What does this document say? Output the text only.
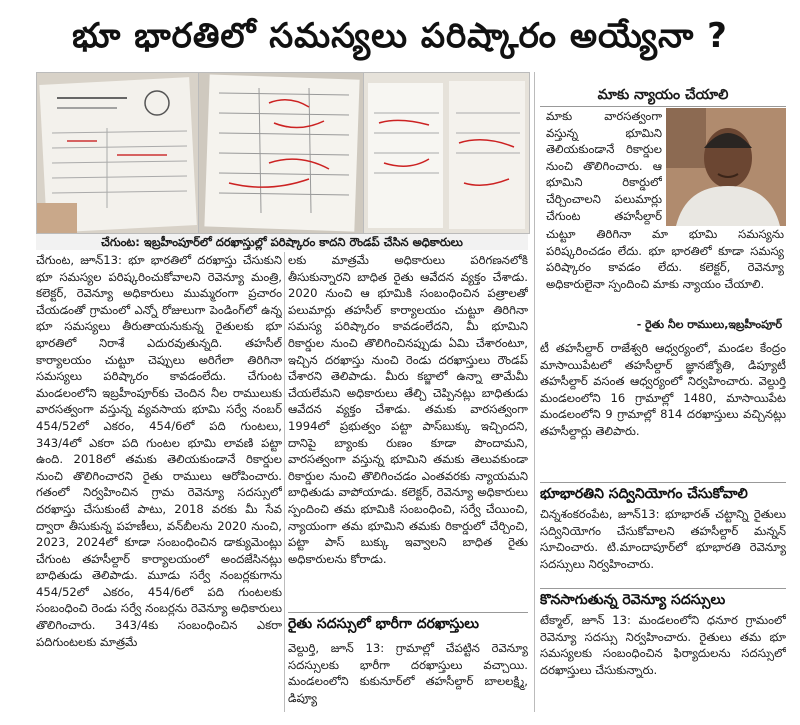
భూ భారతిలో సమస్యలు పరిష్కారం అయ్యేనా ?
చేగుంట: ఇబ్రహీంపూర్‌లో దరఖాస్తుల్లో పరిష్కారం కాదని రౌండప్ చేసిన అధికారులు
చేగుంట, జూన్13: భూ భారతిలో దరఖాస్తు చేసుకుని భూ సమస్యల పరిష్కరించుకోవాలని రెవెన్యూ మంత్రి, కలెక్టర్, రెవెన్యూ అధికారులు ముమ్మరంగా ప్రచారం చేయడంతో గ్రామంలో ఎన్నో రోజులుగా పెండింగ్‌లో ఉన్న భూ సమస్యలు తీరుతాయనుకున్న రైతులకు భూ భారతిలో నిరాశే ఎదురవుతున్నది. తహసీల్ కార్యాలయం చుట్టూ చెప్పులు అరిగేలా తిరిగినా సమస్యలు పరిష్కారం కావడంలేదు. చేగుంట మండలంలోని ఇబ్రహీంపూర్‌కు చెందిన నీల రాములుకు వారసత్వంగా వస్తున్న వ్యవసాయ భూమి సర్వే నంబర్ 454/52లో ఎకరం, 454/6లో పది గుంటలు, 343/4లో ఎకరా పది గుంటల భూమి లావణి పట్టా ఉంది. 2018లో తమకు తెలియకుండానే రికార్డుల నుంచి తొలిగించారని రైతు రాములు ఆరోపించారు. గతంలో నిర్వహించిన గ్రామ రెవెన్యూ సదస్సులో దరఖాస్తు చేసుకుంటే పాటు, 2018 వరకు మీ సేవ ద్వారా తీసుకున్న పహణీలు, వన్‌బీలను 2020 నుంచి, 2023, 2024లో కూడా సంబంధించిన డాక్యుమెంట్లు చేగుంట తహసీల్దార్ కార్యాలయంలో అందజేసినట్లు బాధితుడు తెలిపాడు. మూడు సర్వే నంబర్లకుగాను 454/52లో ఎకరం, 454/6లో పది గుంటలకు సంబంధించి రెండు సర్వే నంబర్లను రెవెన్యూ అధికారులు తొలిగించారు. 343/4కు సంబంధించిన ఎకరా పదిగుంటలకు మాత్రమే
లకు మాత్రమే అధికారులు పరిగణనలోకి తీసుకున్నారని బాధిత రైతు ఆవేదన వ్యక్తం చేశాడు. 2020 నుంచి ఆ భూమికి సంబంధించిన పత్రాలతో పలుమార్లు తహసీల్ కార్యాలయం చుట్టూ తిరిగినా సమస్య పరిష్కారం కావడంలేదని, మీ భూమిని రికార్డుల నుంచి తొలిగించినప్పుడు ఏమి చేశారంటూ, ఇచ్చిన దరఖాస్తు నుంచి రెండు దరఖాస్తులు రౌండప్ చేశారని తెలిపాడు. మీరు కబ్జాలో ఉన్నా తామేమీ చేయలేమని అధికారులు తేల్చి చెప్పినట్లు బాధితుడు ఆవేదన వ్యక్తం చేశాడు. తమకు వారసత్వంగా 1994లో ప్రభుత్వం పట్టా పాస్‌బుక్కు ఇచ్చిందని, దానిపై బ్యాంకు రుణం కూడా పొందామని, వారసత్వంగా వస్తున్న భూమిని తమకు తెలువకుండా రికార్డుల నుంచి తొలిగించడం ఎంతవరకు న్యాయమని బాధితుడు వాపోయాడు. కలెక్టర్, రెవెన్యూ అధికారులు స్పందించి తమ భూమికి సంబంధించి, సర్వే చేయించి, న్యాయంగా తమ భూమిని తమకు రికార్డులో చేర్చించి, పట్టా పాస్ బుక్కు ఇవ్వాలని బాధిత రైతు అధికారులను కోరాడు.
రైతు సదస్సులో భారీగా దరఖాస్తులు
వెల్దుర్తి, జూన్ 13: గ్రామాల్లో చేపట్టిన రెవెన్యూ సదస్సులకు భారీగా దరఖాస్తులు వచ్చాయి. మండలంలోని కుకునూర్‌లో తహసీల్దార్ బాలలక్ష్మి, డిప్యూ
మాకు న్యాయం చేయాలి
మాకు వారసత్వంగా వస్తున్న భూమిని తెలియకుండానే రికార్డుల నుంచి తొలిగించారు. ఆ భూమిని రికార్డులో చేర్చించాలని పలుమార్లు చేగుంట తహసీల్దార్
చుట్టూ తిరిగినా మా భూమి సమస్యను పరిష్కరించడం లేదు. భూ భారతిలో కూడా సమస్య పరిష్కారం కావడం లేదు. కలెక్టర్, రెవెన్యూ అధికారులైనా స్పందించి మాకు న్యాయం చేయాలి.
- రైతు నీల రాములు,ఇబ్రహీంపూర్
టీ తహసీల్దార్ రాజేశ్వరి ఆధ్వర్యంలో, మండల కేంద్రం మాసాయిపేటలో తహసీల్దార్ జ్ఞానజ్యోతి, డిప్యూటీ తహసీల్దార్ వసంత ఆధ్వర్యంలో నిర్వహించారు. వెల్దుర్తి మండలంలోని 16 గ్రామాల్లో 1480, మాసాయిపేట మండలంలోని 9 గ్రామాల్లో 814 దరఖాస్తులు వచ్చినట్లు తహసీల్దార్లు తెలిపారు.
భూభారతిని సద్వినియోగం చేసుకోవాలి
చిన్నశంకరంపేట, జూన్13: భూభారత్ చట్టాన్ని రైతులు సద్వినియోగం చేసుకోవాలని తహసీల్దార్ మన్నన్ సూచించారు. టి.మాందాపూర్‌లో భూభారతి రెవెన్యూ సదస్సులు నిర్వహించారు.
కొనసాగుతున్న రెవెన్యూ సదస్సులు
టేక్మాల్, జూన్ 13: మండలంలోని ధనూర గ్రామంలో రెవెన్యూ సదస్సు నిర్వహించారు. రైతులు తమ భూ సమస్యలకు సంబంధించిన ఫిర్యాదులను సదస్సులో దరఖాస్తులు చేసుకున్నారు.
